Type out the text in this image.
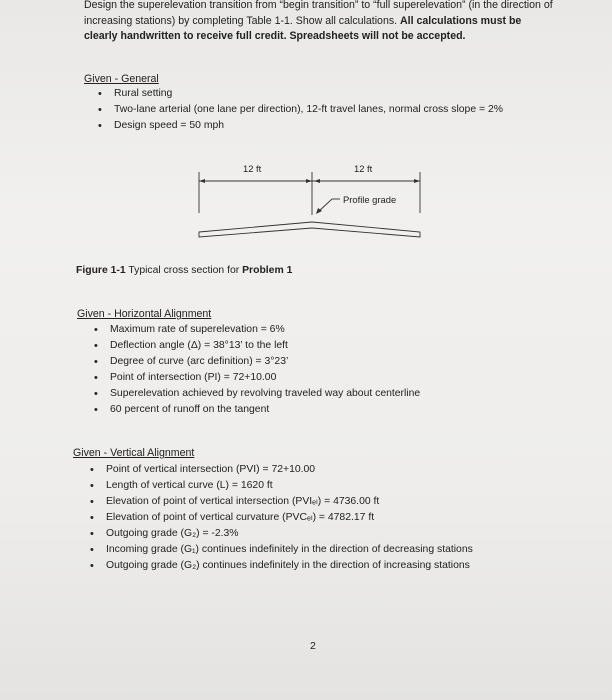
Design the superelevation transition from “begin transition” to “full superelevation” (in the direction of increasing stations) by completing Table 1-1. Show all calculations. All calculations must be clearly handwritten to receive full credit. Spreadsheets will not be accepted.
Given - General
• Rural setting
• Two-lane arterial (one lane per direction), 12-ft travel lanes, normal cross slope = 2%
• Design speed = 50 mph
12 ft	12 ft
Profile grade
Figure 1-1 Typical cross section for Problem 1
Given - Horizontal Alignment
• Maximum rate of superelevation = 6%
• Deflection angle (Δ) = 38°13’ to the left
• Degree of curve (arc definition) = 3°23’
• Point of intersection (PI) = 72+10.00
• Superelevation achieved by revolving traveled way about centerline
• 60 percent of runoff on the tangent
Given - Vertical Alignment
• Point of vertical intersection (PVI) = 72+10.00
• Length of vertical curve (L) = 1620 ft
• Elevation of point of vertical intersection (PVIₑₗ) = 4736.00 ft
• Elevation of point of vertical curvature (PVCₑₗ) = 4782.17 ft
• Outgoing grade (G₂) = -2.3%
• Incoming grade (G₁) continues indefinitely in the direction of decreasing stations
• Outgoing grade (G₂) continues indefinitely in the direction of increasing stations
2
